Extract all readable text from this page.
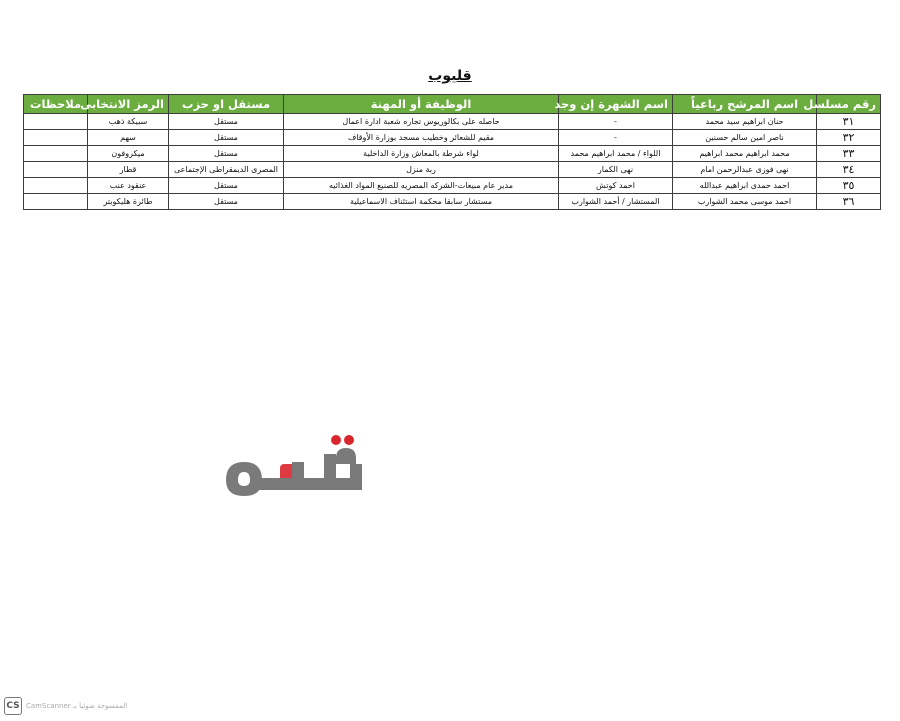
قليوب
رقم مسلسل	اسم المرشح رباعياً	اسم الشهرة إن وجد	الوظيفة أو المهنة	مستقل او حزب	الرمز الانتخابى	ملاحظات
٣١	حنان ابراهيم سيد محمد	-	حاصله على بكالوريوس تجاره شعبة ادارة اعمال	مستقل	سبيكة ذهب	
٣٢	ناصر امين سالم حسنين	-	مقيم للشعائر وخطيب مسجد بوزارة الأوقاف	مستقل	سهم	
٣٣	محمد ابراهيم محمد ابراهيم	اللواء / محمد ابراهيم محمد	لواء شرطة بالمعاش وزارة الداخلية	مستقل	ميكروفون	
٣٤	نهى فوزى عبدالرحمن امام	نهى الكمار	ربة منزل	المصرى الديمقراطى الإجتماعى	قطار	
٣٥	احمد حمدى ابراهيم عبدالله	احمد كوتش	مدير عام مبيعات-الشركه المصريه للصنيع المواد الغذائيه	مستقل	عنقود عنب	
٣٦	احمد موسى محمد الشوارب	المستشار / أحمد الشوارب	مستشار سابقا محكمة استئناف الاسماعيلية	مستقل	طائرة هليكوبتر	
CS CamScanner الممسوحة ضوئيا بـ
